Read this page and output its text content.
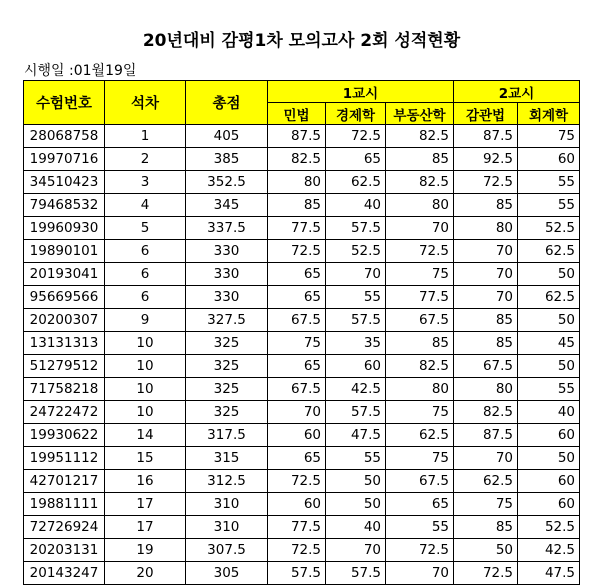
20년대비 감평1차 모의고사 2회 성적현황
시행일 :01월19일
수험번호	석차	총점	1교시			2교시	
			민법	경제학	부동산학	감관법	회계학
28068758	1	405	87.5	72.5	82.5	87.5	75
19970716	2	385	82.5	65	85	92.5	60
34510423	3	352.5	80	62.5	82.5	72.5	55
79468532	4	345	85	40	80	85	55
19960930	5	337.5	77.5	57.5	70	80	52.5
19890101	6	330	72.5	52.5	72.5	70	62.5
20193041	6	330	65	70	75	70	50
95669566	6	330	65	55	77.5	70	62.5
20200307	9	327.5	67.5	57.5	67.5	85	50
13131313	10	325	75	35	85	85	45
51279512	10	325	65	60	82.5	67.5	50
71758218	10	325	67.5	42.5	80	80	55
24722472	10	325	70	57.5	75	82.5	40
19930622	14	317.5	60	47.5	62.5	87.5	60
19951112	15	315	65	55	75	70	50
42701217	16	312.5	72.5	50	67.5	62.5	60
19881111	17	310	60	50	65	75	60
72726924	17	310	77.5	40	55	85	52.5
20203131	19	307.5	72.5	70	72.5	50	42.5
20143247	20	305	57.5	57.5	70	72.5	47.5
